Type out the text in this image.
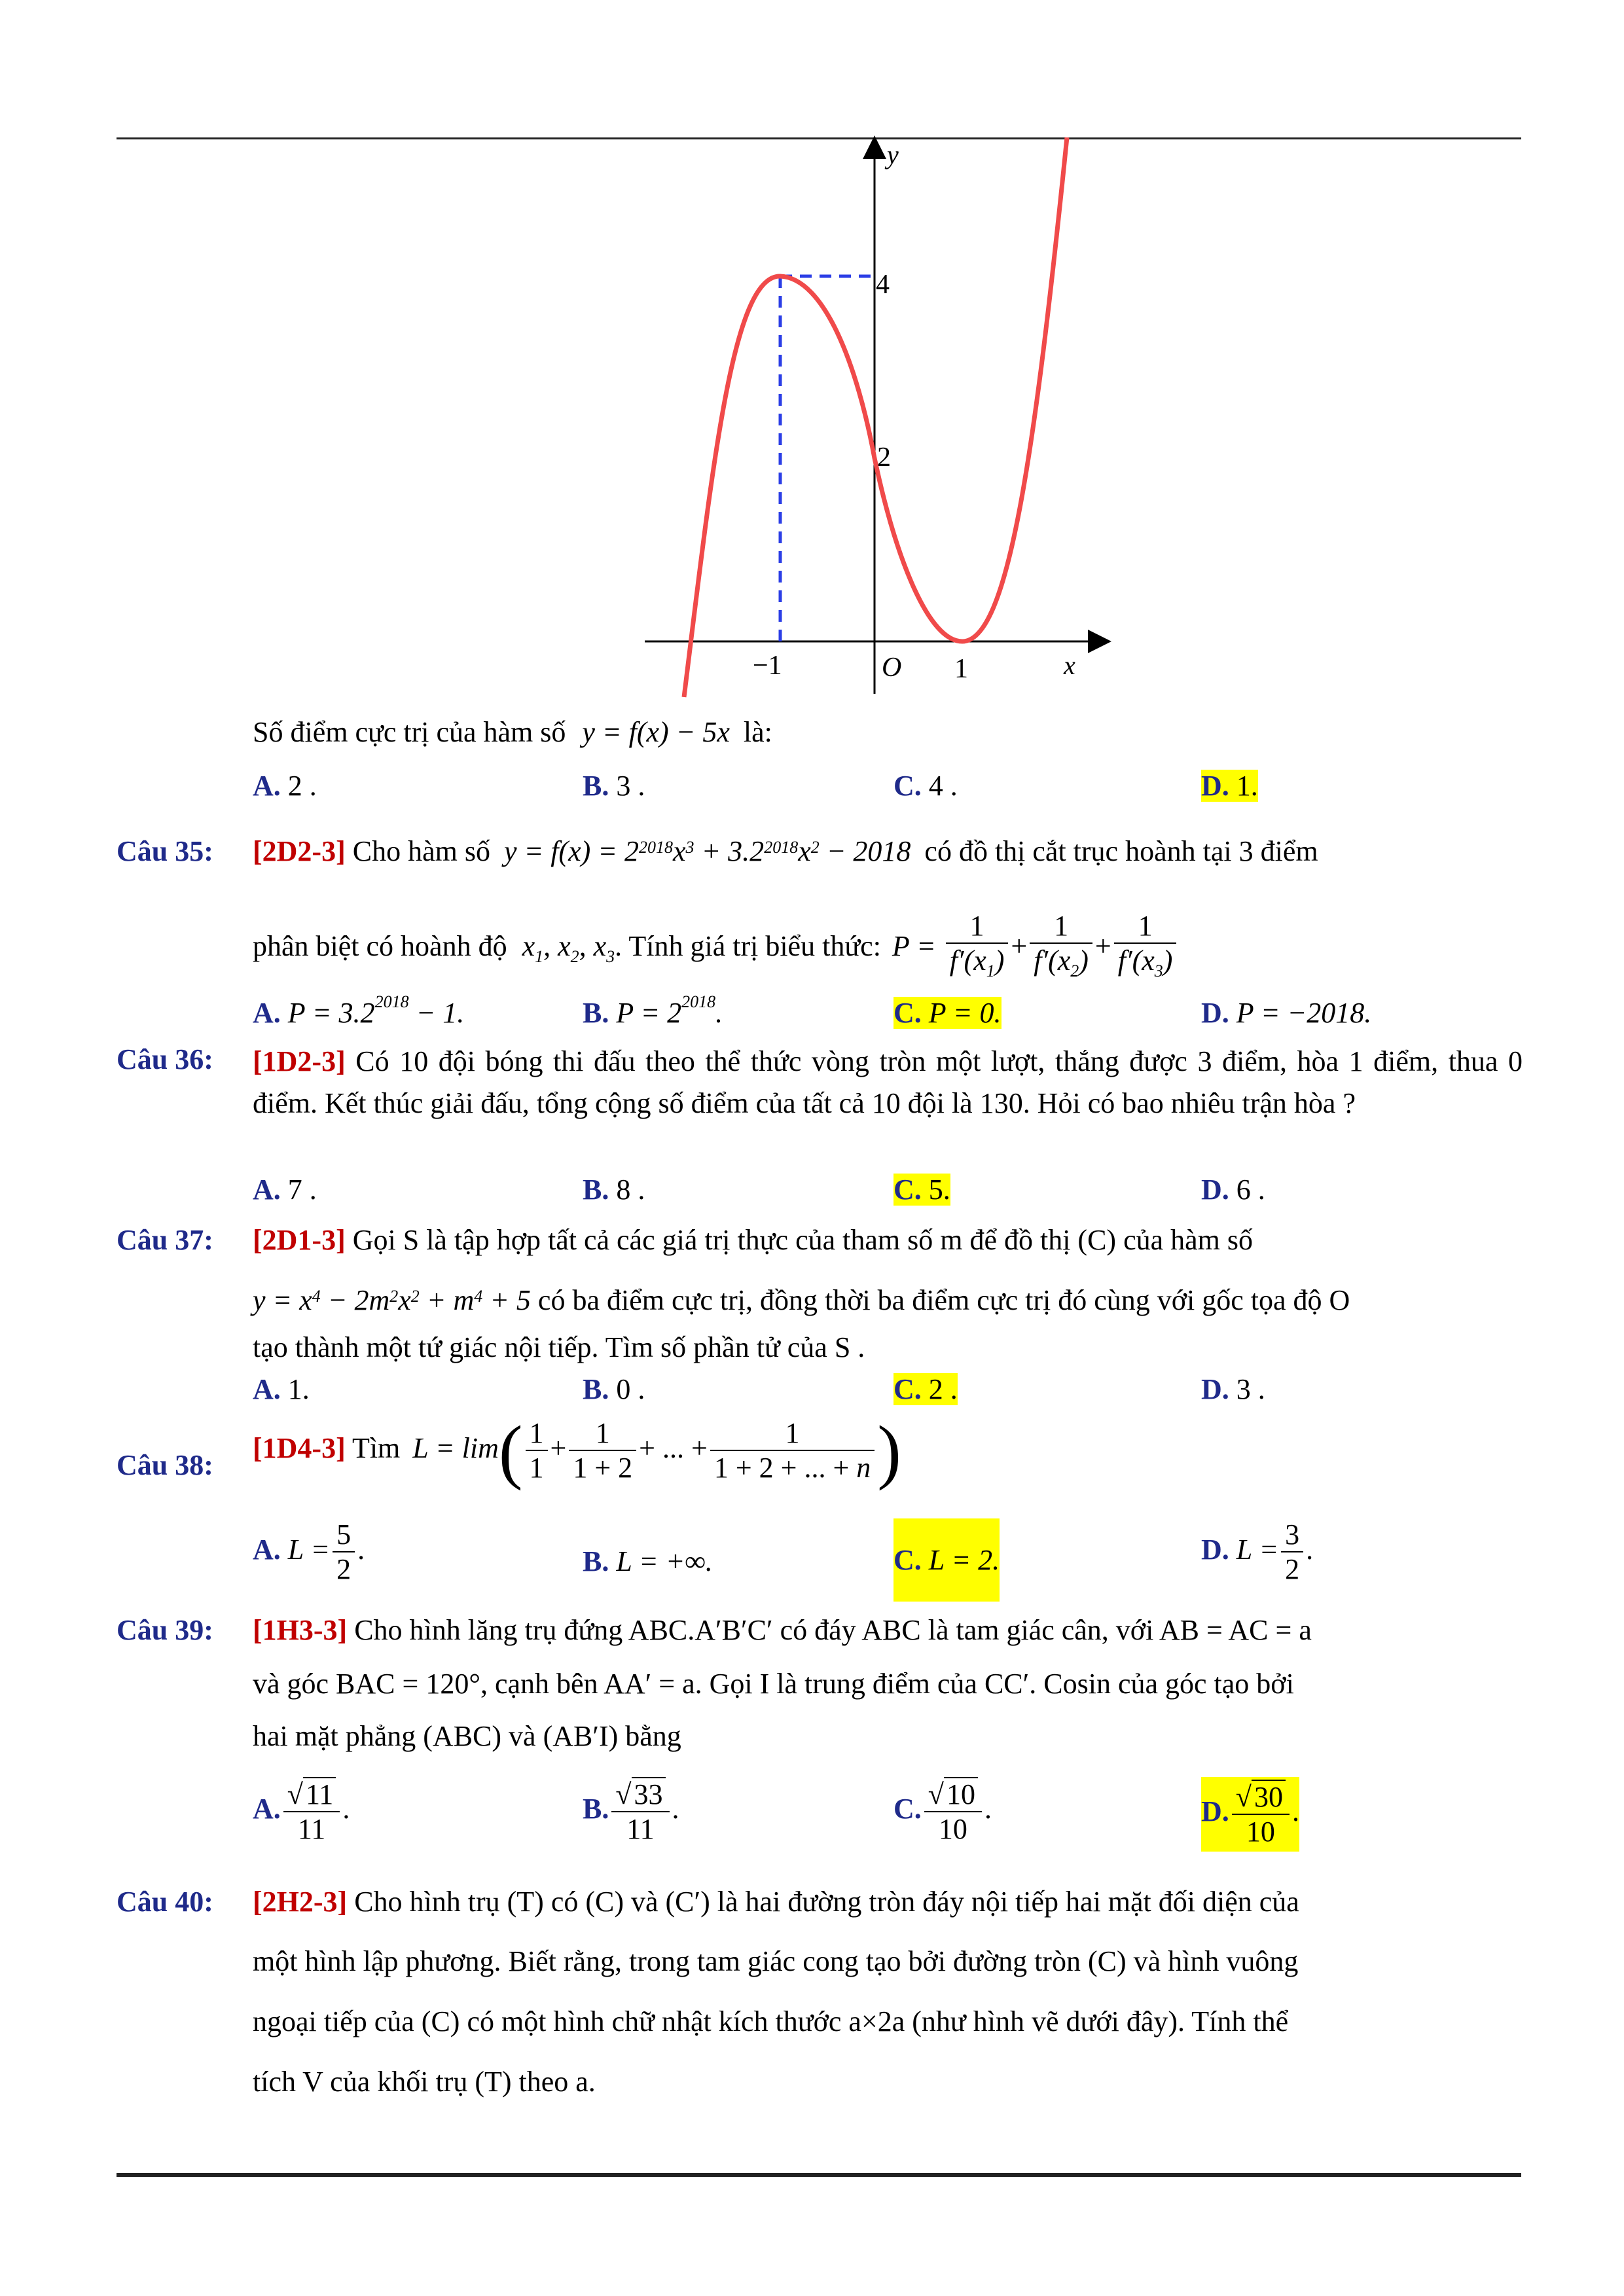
y
x
O
−1	1
4
2
Số điểm cực trị của hàm số y = f(x) − 5x là:
A. 2 .	B. 3 .	C. 4 .	D. 1.
Câu 35: [2D2-3] Cho hàm số $y = f(x) = 2^{2018}x^3 + 3.2^{2018}x^2 - 2018$ có đồ thị cắt trục hoành tại 3 điểm
phân biệt có hoành độ $x_1$, $x_2$, $x_3$. Tính giá trị biểu thức: $P = \frac{1}{f'(x_1)} + \frac{1}{f'(x_2)} + \frac{1}{f'(x_3)}$
A. $P = 3.2^{2018} - 1$.	B. $P = 2^{2018}$.	C. P = 0.	D. P = −2018.
Câu 36: [1D2-3] Có 10 đội bóng thi đấu theo thể thức vòng tròn một lượt, thắng được 3 điểm, hòa 1 điểm, thua 0 điểm. Kết thúc giải đấu, tổng cộng số điểm của tất cả 10 đội là 130. Hỏi có bao nhiêu trận hòa ?
A. 7 .	B. 8 .	C. 5.	D. 6 .
Câu 37: [2D1-3] Gọi S là tập hợp tất cả các giá trị thực của tham số m để đồ thị (C) của hàm số
$y = x^4 - 2m^2x^2 + m^4 + 5$ có ba điểm cực trị, đồng thời ba điểm cực trị đó cùng với gốc tọa độ O
tạo thành một tứ giác nội tiếp. Tìm số phần tử của S .
A. 1.	B. 0 .	C. 2 .	D. 3 .
Câu 38:
[1D4-3] Tìm $L = \lim( \frac{1}{1} + \frac{1}{1 + 2}$ + ... + $\frac{1}{1 + 2 + ... + n}$ )
A. $L = \frac{5}{2}$ .	B. L = +∞.	C. L = 2.	D. $L = \frac{3}{2}$ .
Câu 39: [1H3-3] Cho hình lăng trụ đứng ABC.A′B′C′ có đáy ABC là tam giác cân, với AB = AC = a
và góc BAC = 120°, cạnh bên AA′ = a. Gọi I là trung điểm của CC′. Cosin của góc tạo bởi
hai mặt phẳng (ABC) và (AB′I) bằng
A. $\frac{√11}{11}$ .	B. $\frac{√33}{11}$ .	C. $\frac{√10}{10}$ .	D. $\frac{√30}{10}$ .
Câu 40: [2H2-3] Cho hình trụ (T) có (C) và (C′) là hai đường tròn đáy nội tiếp hai mặt đối diện của
một hình lập phương. Biết rằng, trong tam giác cong tạo bởi đường tròn (C) và hình vuông
ngoại tiếp của (C) có một hình chữ nhật kích thước a×2a (như hình vẽ dưới đây). Tính thể
tích V của khối trụ (T) theo a.
